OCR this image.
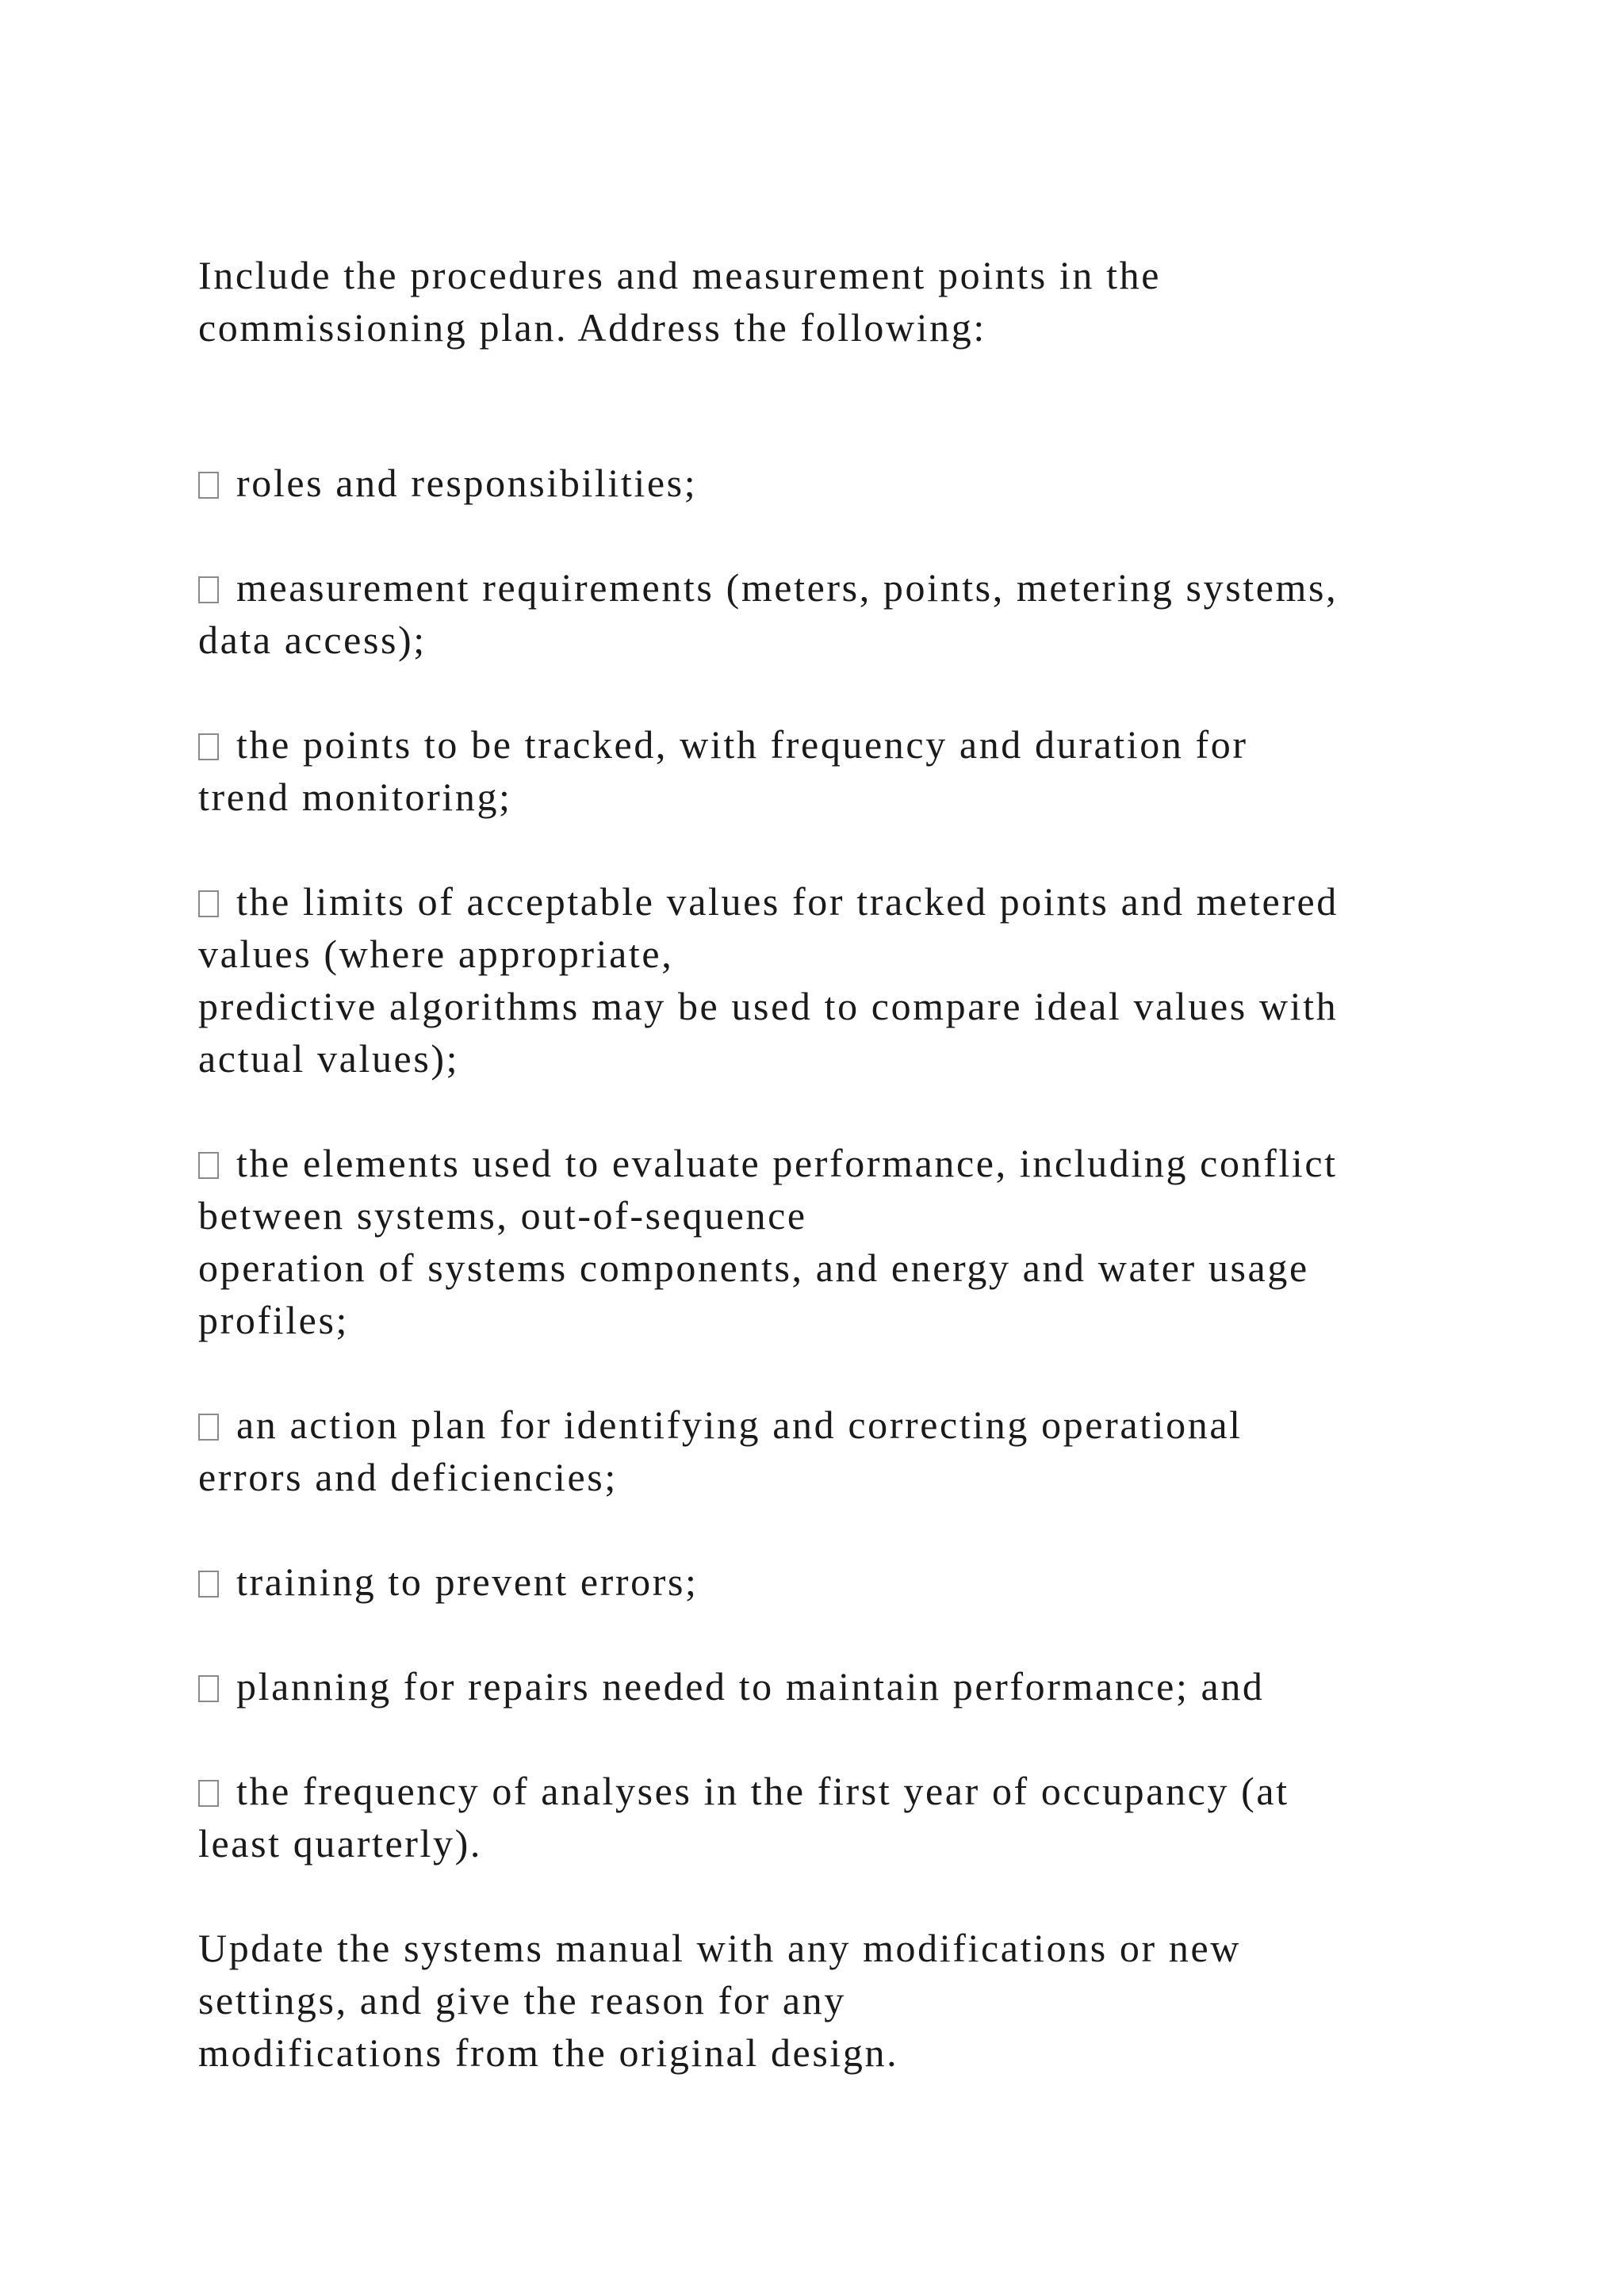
Include the procedures and measurement points in the

commissioning plan. Address the following:

roles and responsibilities;

measurement requirements (meters, points, metering systems,

data access);

the points to be tracked, with frequency and duration for

trend monitoring;

the limits of acceptable values for tracked points and metered

values (where appropriate,

predictive algorithms may be used to compare ideal values with

actual values);

the elements used to evaluate performance, including conflict

between systems, out-of-sequence

operation of systems components, and energy and water usage

profiles;

an action plan for identifying and correcting operational

errors and deficiencies;

training to prevent errors;

planning for repairs needed to maintain performance; and

the frequency of analyses in the first year of occupancy (at

least quarterly).

Update the systems manual with any modifications or new

settings, and give the reason for any

modifications from the original design.
